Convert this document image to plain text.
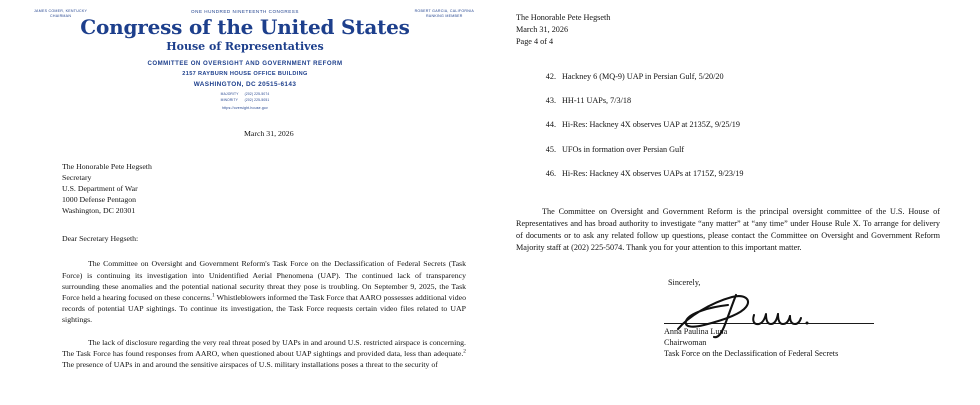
JAMES COMER, KENTUCKY
CHAIRMAN
ROBERT GARCIA, CALIFORNIA
RANKING MEMBER
ONE HUNDRED NINETEENTH CONGRESS
Congress of the United States
House of Representatives
COMMITTEE ON OVERSIGHT AND GOVERNMENT REFORM
2157 RAYBURN HOUSE OFFICE BUILDING
WASHINGTON, DC 20515-6143
MAJORITY (202) 225-5074
MINORITY (202) 225-5051
https://oversight.house.gov
March 31, 2026
The Honorable Pete Hegseth
Secretary
U.S. Department of War
1000 Defense Pentagon
Washington, DC 20301
Dear Secretary Hegseth:

The Committee on Oversight and Government Reform's Task Force on the Declassification of Federal Secrets (Task Force) is continuing its investigation into Unidentified Aerial Phenomena (UAP). The continued lack of transparency surrounding these anomalies and the potential national security threat they pose is troubling. On September 9, 2025, the Task Force held a hearing focused on these concerns.$^1$ Whistleblowers informed the Task Force that AARO possesses additional video records of potential UAP sightings. To continue its investigation, the Task Force requests certain video files related to UAP sightings.

The lack of disclosure regarding the very real threat posed by UAPs in and around U.S. restricted airspace is concerning. The Task Force has found responses from AARO, when questioned about UAP sightings and provided data, less than adequate.$^2$ The presence of UAPs in and around the sensitive airspaces of U.S. military installations poses a threat to the security of

The Honorable Pete Hegseth
March 31, 2026
Page 4 of 4
42. Hackney 6 (MQ-9) UAP in Persian Gulf, 5/20/20
43. HH-11 UAPs, 7/3/18
44. Hi-Res: Hackney 4X observes UAP at 2135Z, 9/25/19
45. UFOs in formation over Persian Gulf
46. Hi-Res: Hackney 4X observes UAPs at 1715Z, 9/23/19

The Committee on Oversight and Government Reform is the principal oversight committee of the U.S. House of Representatives and has broad authority to investigate “any matter” at “any time” under House Rule X. To arrange for delivery of documents or to ask any related follow up questions, please contact the Committee on Oversight and Government Reform Majority staff at (202) 225-5074. Thank you for your attention to this important matter.

Sincerely,
Anna Paulina Luna
Chairwoman
Task Force on the Declassification of Federal Secrets
